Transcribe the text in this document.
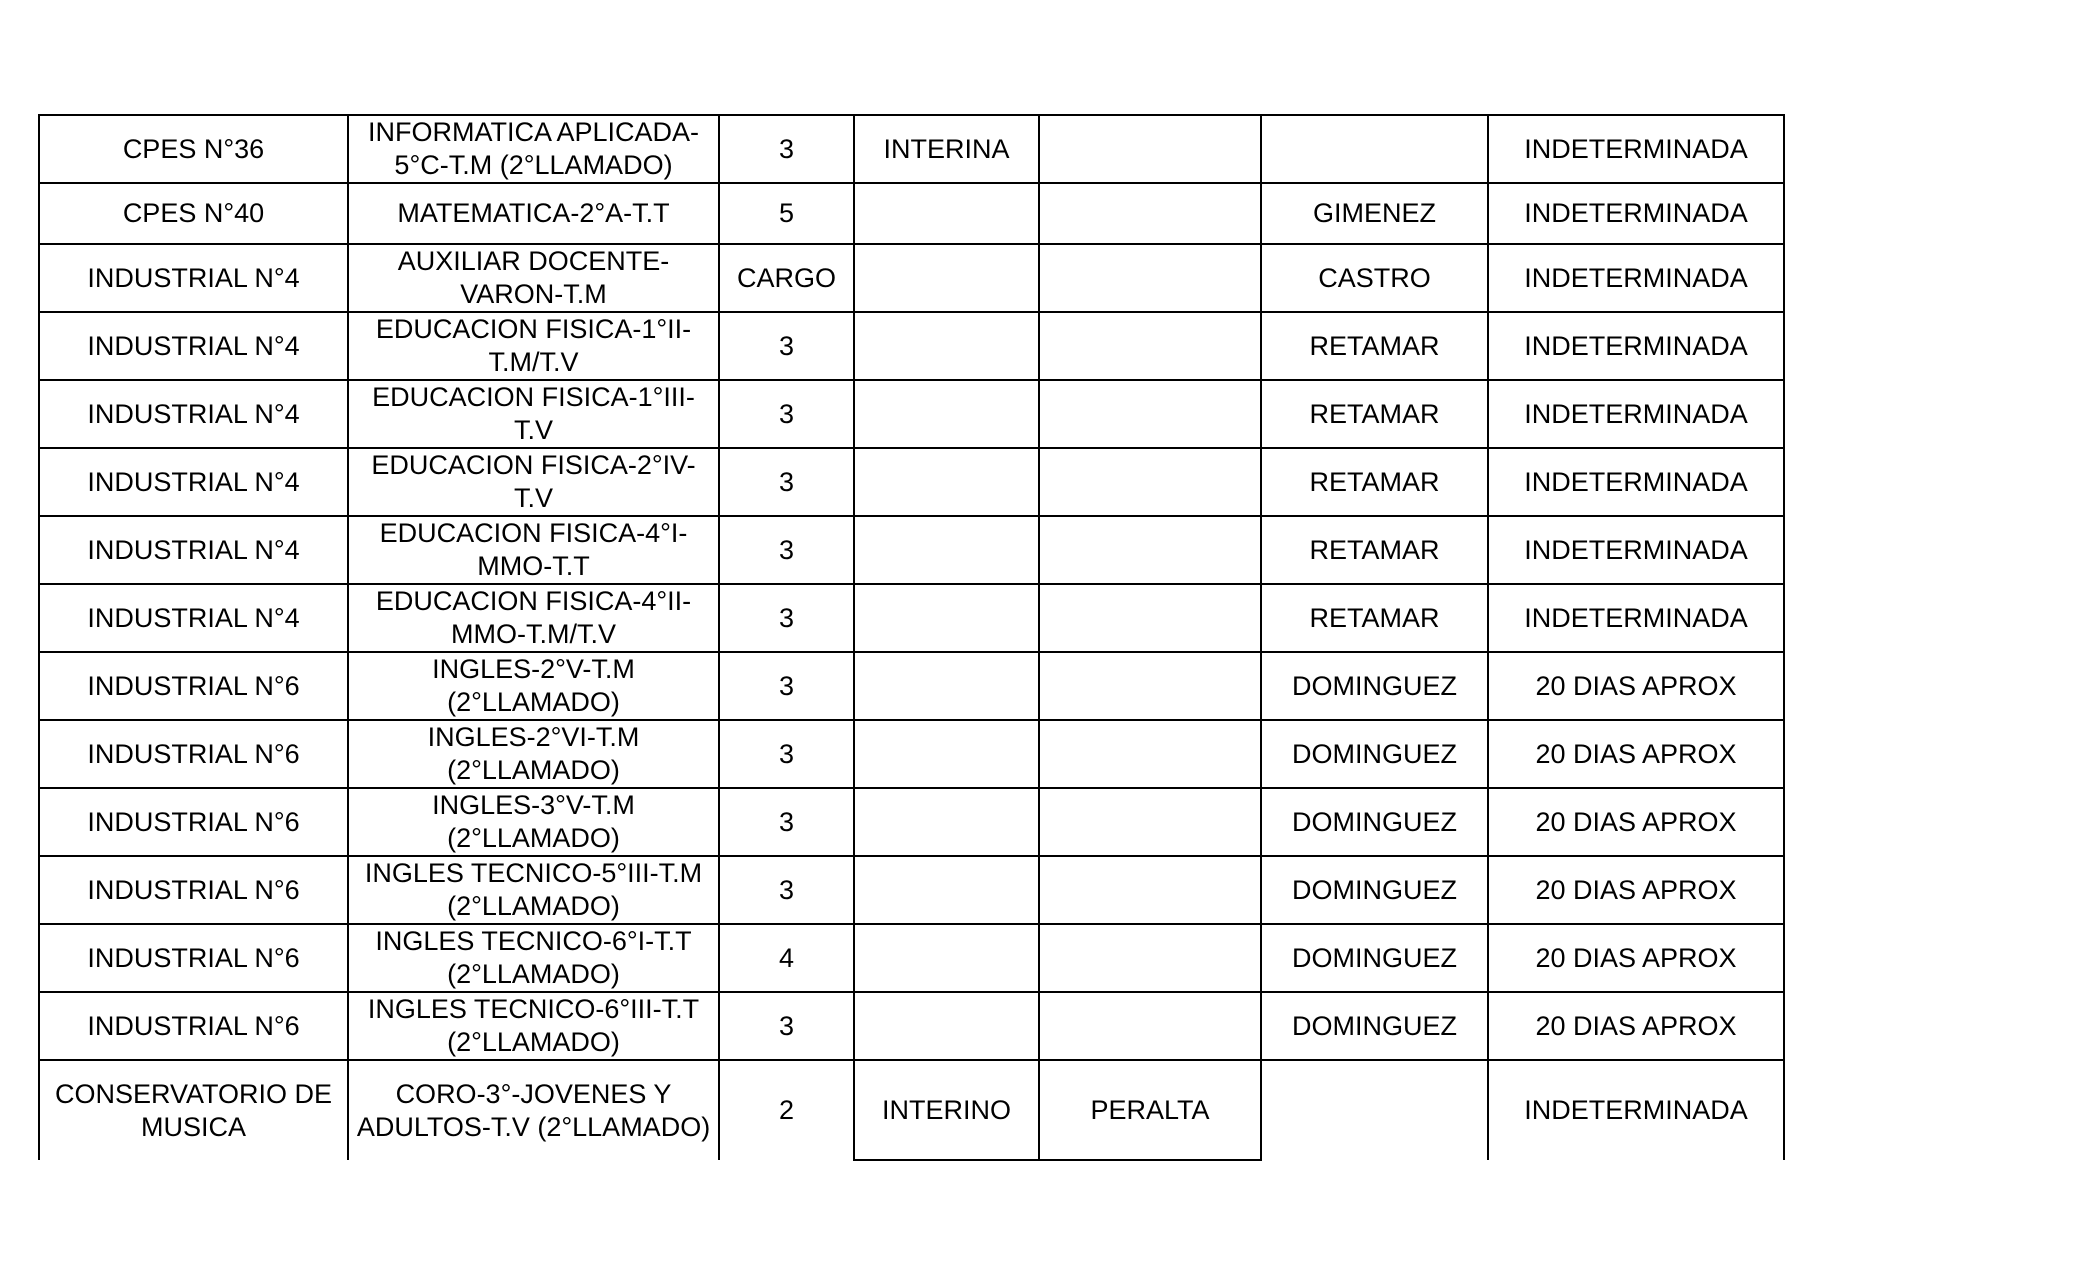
CPES N°36	INFORMATICA APLICADA-5°C-T.M (2°LLAMADO)	3	INTERINA			INDETERMINADA
CPES N°40	MATEMATICA-2°A-T.T	5			GIMENEZ	INDETERMINADA
INDUSTRIAL N°4	AUXILIAR DOCENTE-VARON-T.M	CARGO			CASTRO	INDETERMINADA
INDUSTRIAL N°4	EDUCACION FISICA-1°II-T.M/T.V	3			RETAMAR	INDETERMINADA
INDUSTRIAL N°4	EDUCACION FISICA-1°III-T.V	3			RETAMAR	INDETERMINADA
INDUSTRIAL N°4	EDUCACION FISICA-2°IV-T.V	3			RETAMAR	INDETERMINADA
INDUSTRIAL N°4	EDUCACION FISICA-4°I-MMO-T.T	3			RETAMAR	INDETERMINADA
INDUSTRIAL N°4	EDUCACION FISICA-4°II-MMO-T.M/T.V	3			RETAMAR	INDETERMINADA
INDUSTRIAL N°6	INGLES-2°V-T.M (2°LLAMADO)	3			DOMINGUEZ	20 DIAS APROX
INDUSTRIAL N°6	INGLES-2°VI-T.M (2°LLAMADO)	3			DOMINGUEZ	20 DIAS APROX
INDUSTRIAL N°6	INGLES-3°V-T.M (2°LLAMADO)	3			DOMINGUEZ	20 DIAS APROX
INDUSTRIAL N°6	INGLES TECNICO-5°III-T.M (2°LLAMADO)	3			DOMINGUEZ	20 DIAS APROX
INDUSTRIAL N°6	INGLES TECNICO-6°I-T.T (2°LLAMADO)	4			DOMINGUEZ	20 DIAS APROX
INDUSTRIAL N°6	INGLES TECNICO-6°III-T.T (2°LLAMADO)	3			DOMINGUEZ	20 DIAS APROX
CONSERVATORIO DE MUSICA	CORO-3°-JOVENES Y ADULTOS-T.V (2°LLAMADO)	2	INTERINO	PERALTA		INDETERMINADA
